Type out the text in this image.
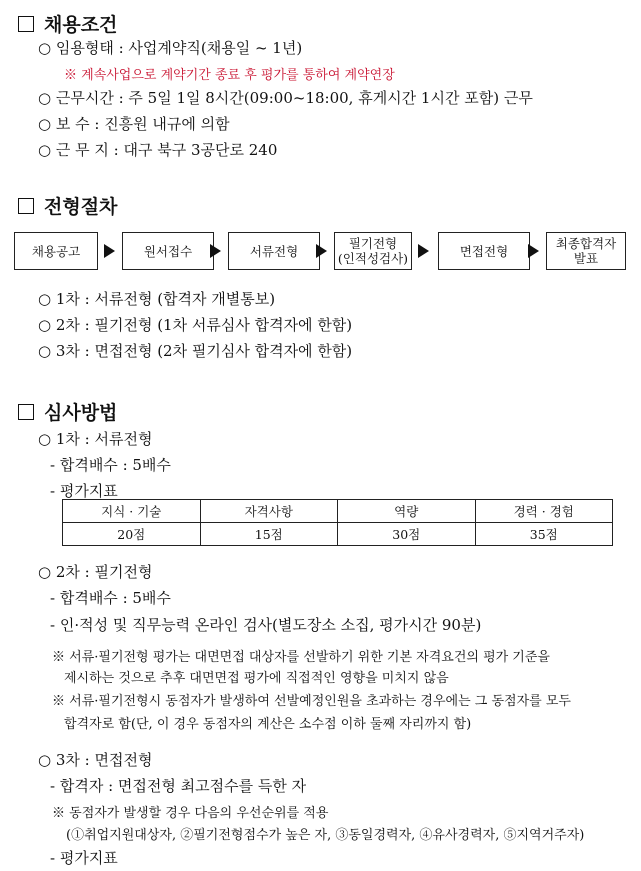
채용조건
○ 임용형태 : 사업계약직(채용일 ~ 1년)
※ 계속사업으로 계약기간 종료 후 평가를 통하여 계약연장
○ 근무시간 : 주 5일 1일 8시간(09:00~18:00, 휴게시간 1시간 포함) 근무
○ 보 수 : 진흥원 내규에 의함
○ 근 무 지 : 대구 북구 3공단로 240
전형절차
채용공고	원서접수	서류전형	필기전형
(인적성검사)	면접전형	최종합격자
발표
○ 1차 : 서류전형 (합격자 개별통보)
○ 2차 : 필기전형 (1차 서류심사 합격자에 한함)
○ 3차 : 면접전형 (2차 필기심사 합격자에 한함)
심사방법
○ 1차 : 서류전형
- 합격배수 : 5배수
- 평가지표
지식 · 기술	자격사항	역량	경력 · 경험
20점	15점	30점	35점
○ 2차 : 필기전형
- 합격배수 : 5배수
- 인·적성 및 직무능력 온라인 검사(별도장소 소집, 평가시간 90분)
※ 서류·필기전형 평가는 대면면접 대상자를 선발하기 위한 기본 자격요건의 평가 기준을
제시하는 것으로 추후 대면면접 평가에 직접적인 영향을 미치지 않음
※ 서류·필기전형시 동점자가 발생하여 선발예정인원을 초과하는 경우에는 그 동점자를 모두
합격자로 함(단, 이 경우 동점자의 계산은 소수점 이하 둘째 자리까지 함)
○ 3차 : 면접전형
- 합격자 : 면접전형 최고점수를 득한 자
※ 동점자가 발생할 경우 다음의 우선순위를 적용
(①취업지원대상자, ②필기전형점수가 높은 자, ③동일경력자, ④유사경력자, ⑤지역거주자)
- 평가지표
